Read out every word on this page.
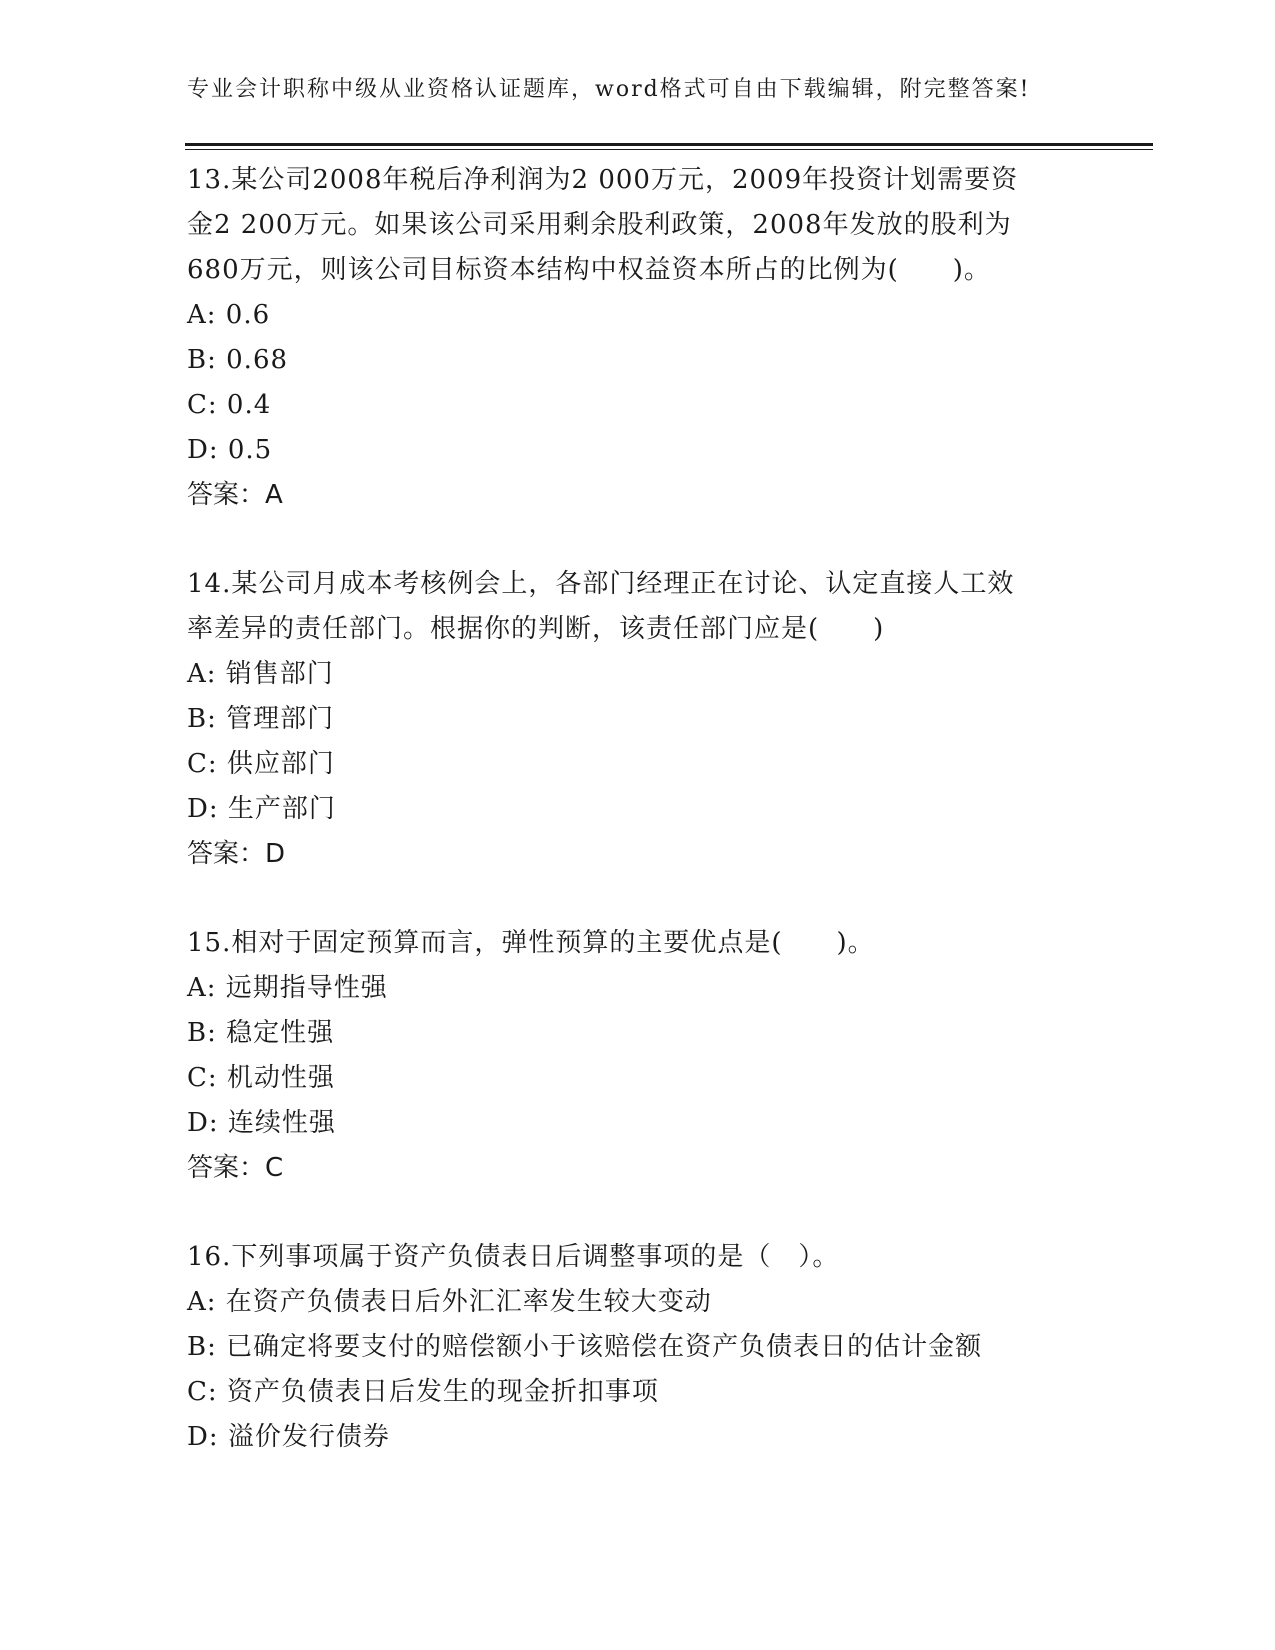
专业会计职称中级从业资格认证题库，word格式可自由下载编辑，附完整答案!
13.某公司2008年税后净利润为2 000万元，2009年投资计划需要资
金2 200万元。如果该公司采用剩余股利政策，2008年发放的股利为
680万元，则该公司目标资本结构中权益资本所占的比例为(　　)。
A: 0.6
B: 0.68
C: 0.4
D: 0.5
答案：A
14.某公司月成本考核例会上，各部门经理正在讨论、认定直接人工效
率差异的责任部门。根据你的判断，该责任部门应是(　　)
A: 销售部门
B: 管理部门
C: 供应部门
D: 生产部门
答案：D
15.相对于固定预算而言，弹性预算的主要优点是(　　)。
A: 远期指导性强
B: 稳定性强
C: 机动性强
D: 连续性强
答案：C
16.下列事项属于资产负债表日后调整事项的是（　）。
A: 在资产负债表日后外汇汇率发生较大变动
B: 已确定将要支付的赔偿额小于该赔偿在资产负债表日的估计金额
C: 资产负债表日后发生的现金折扣事项
D: 溢价发行债券
